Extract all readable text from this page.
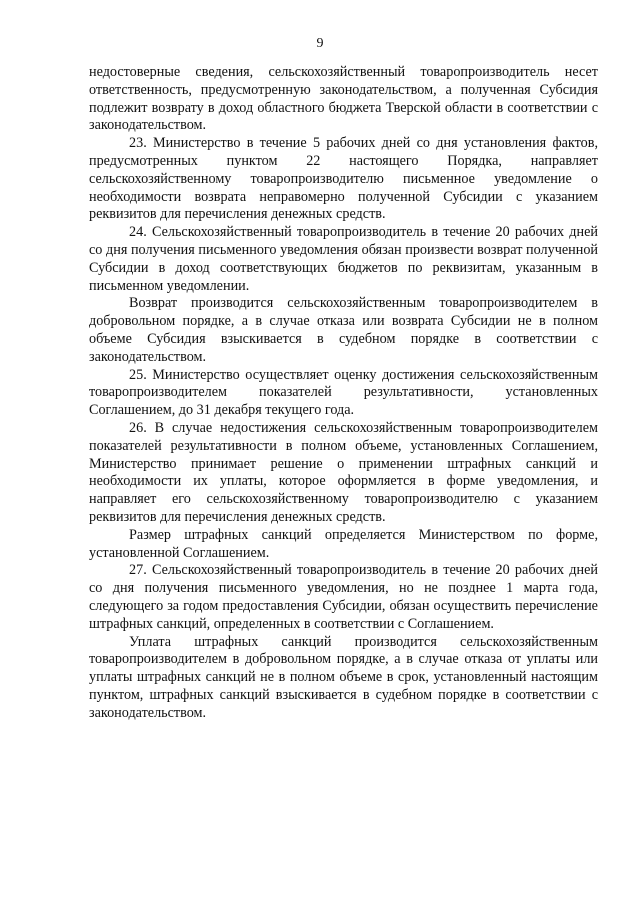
9

недостоверные сведения, сельскохозяйственный товаропроизводитель несет ответственность, предусмотренную законодательством, а полученная Субсидия подлежит возврату в доход областного бюджета Тверской области в соответствии с законодательством.

23. Министерство в течение 5 рабочих дней со дня установления фактов, предусмотренных пунктом 22 настоящего Порядка, направляет сельскохозяйственному товаропроизводителю письменное уведомление о необходимости возврата неправомерно полученной Субсидии с указанием реквизитов для перечисления денежных средств.

24. Сельскохозяйственный товаропроизводитель в течение 20 рабочих дней со дня получения письменного уведомления обязан произвести возврат полученной Субсидии в доход соответствующих бюджетов по реквизитам, указанным в письменном уведомлении.

Возврат производится сельскохозяйственным товаропроизводителем в добровольном порядке, а в случае отказа или возврата Субсидии не в полном объеме Субсидия взыскивается в судебном порядке в соответствии с законодательством.

25. Министерство осуществляет оценку достижения сельскохозяйственным товаропроизводителем показателей результативности, установленных Соглашением, до 31 декабря текущего года.

26. В случае недостижения сельскохозяйственным товаропроизводителем показателей результативности в полном объеме, установленных Соглашением, Министерство принимает решение о применении штрафных санкций и необходимости их уплаты, которое оформляется в форме уведомления, и направляет его сельскохозяйственному товаропроизводителю с указанием реквизитов для перечисления денежных средств.

Размер штрафных санкций определяется Министерством по форме, установленной Соглашением.

27. Сельскохозяйственный товаропроизводитель в течение 20 рабочих дней со дня получения письменного уведомления, но не позднее 1 марта года, следующего за годом предоставления Субсидии, обязан осуществить перечисление штрафных санкций, определенных в соответствии с Соглашением.

Уплата штрафных санкций производится сельскохозяйственным товаропроизводителем в добровольном порядке, а в случае отказа от уплаты или уплаты штрафных санкций не в полном объеме в срок, установленный настоящим пунктом, штрафных санкций взыскивается в судебном порядке в соответствии с законодательством.
